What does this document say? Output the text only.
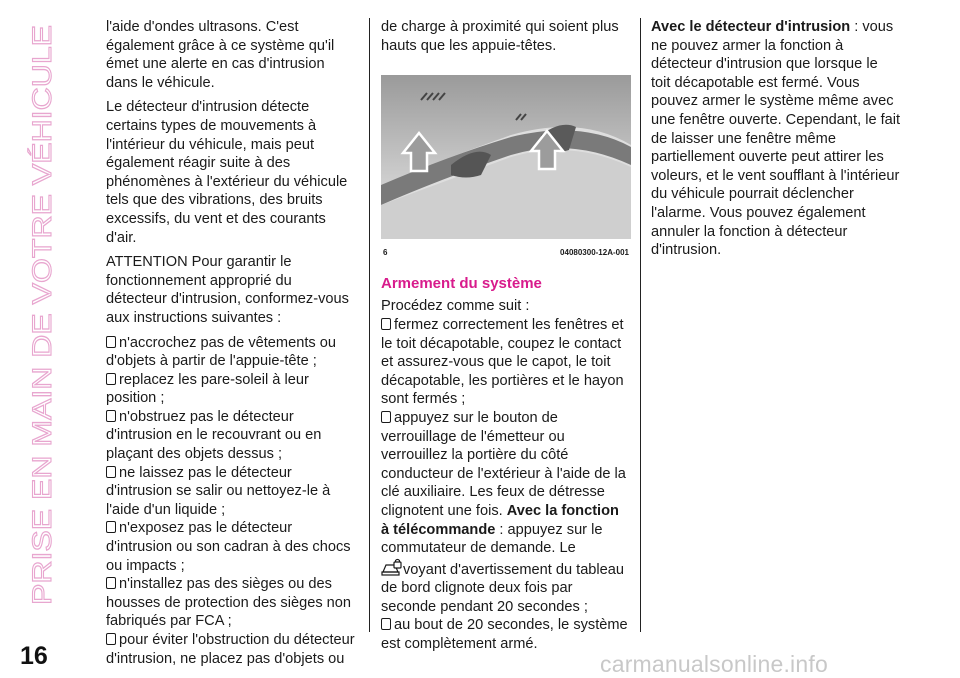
PRISE EN MAIN DE VOTRE VÉHICULE
16

l'aide d'ondes ultrasons. C'est également grâce à ce système qu'il émet une alerte en cas d'intrusion dans le véhicule.

Le détecteur d'intrusion détecte certains types de mouvements à l'intérieur du véhicule, mais peut également réagir suite à des phénomènes à l'extérieur du véhicule tels que des vibrations, des bruits excessifs, du vent et des courants d'air.

ATTENTION Pour garantir le fonctionnement approprié du détecteur d'intrusion, conformez-vous aux instructions suivantes :

n'accrochez pas de vêtements ou d'objets à partir de l'appuie-tête ;
replacez les pare-soleil à leur position ;
n'obstruez pas le détecteur d'intrusion en le recouvrant ou en plaçant des objets dessus ;
ne laissez pas le détecteur d'intrusion se salir ou nettoyez-le à l'aide d'un liquide ;
n'exposez pas le détecteur d'intrusion ou son cadran à des chocs ou impacts ;
n'installez pas des sièges ou des housses de protection des sièges non fabriqués par FCA ;
pour éviter l'obstruction du détecteur d'intrusion, ne placez pas d'objets ou

de charge à proximité qui soient plus hauts que les appuie-têtes.

6	04080300-12A-001
Armement du système

Procédez comme suit :

fermez correctement les fenêtres et le toit décapotable, coupez le contact et assurez-vous que le capot, le toit décapotable, les portières et le hayon sont fermés ;
appuyez sur le bouton de verrouillage de l'émetteur ou verrouillez la portière du côté conducteur de l'extérieur à l'aide de la clé auxiliaire. Les feux de détresse clignotent une fois. Avec la fonction à télécommande : appuyez sur le commutateur de demande. Le
voyant d'avertissement du tableau de bord clignote deux fois par seconde pendant 20 secondes ;
au bout de 20 secondes, le système est complètement armé.

Avec le détecteur d'intrusion : vous ne pouvez armer la fonction à détecteur d'intrusion que lorsque le toit décapotable est fermé. Vous pouvez armer le système même avec une fenêtre ouverte. Cependant, le fait de laisser une fenêtre même partiellement ouverte peut attirer les voleurs, et le vent soufflant à l'intérieur du véhicule pourrait déclencher l'alarme. Vous pouvez également annuler la fonction à détecteur d'intrusion.

carmanualsonline.info
